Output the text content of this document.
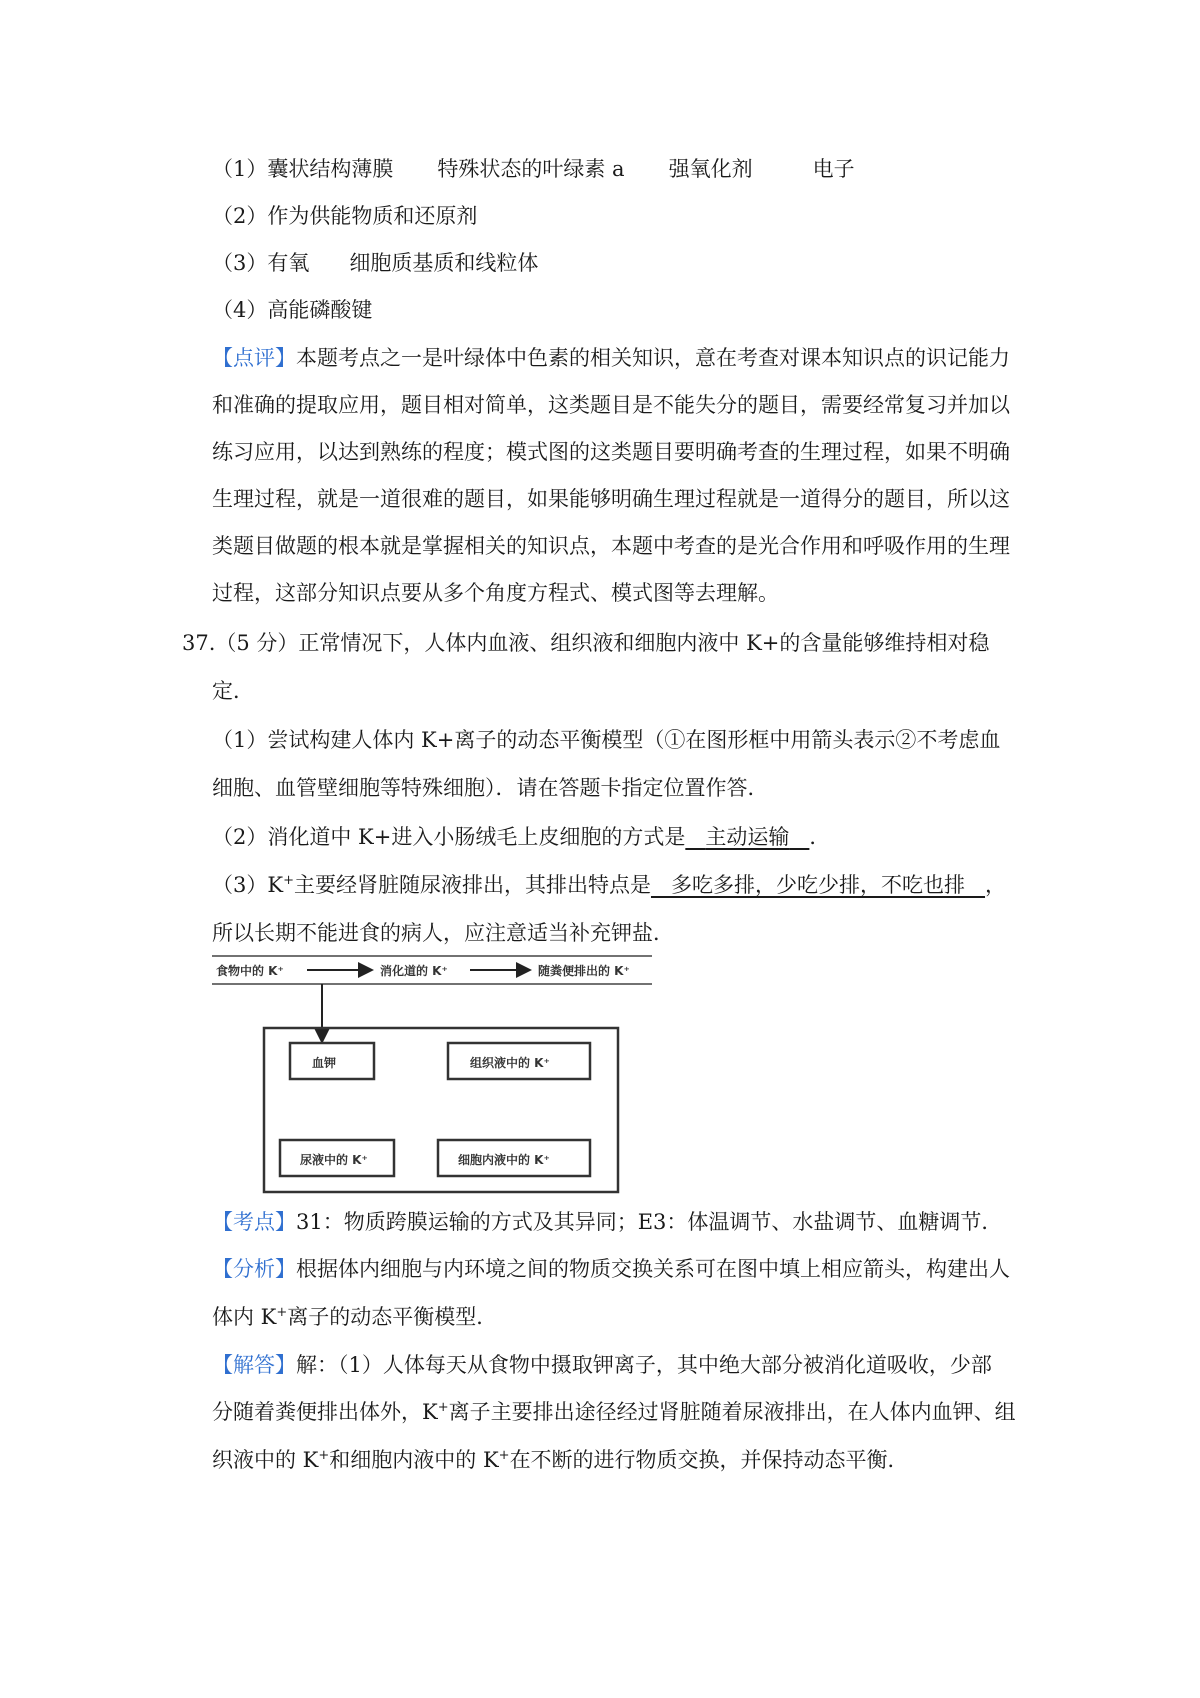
（1）囊状结构薄膜 特殊状态的叶绿素 a 强氧化剂	电子
（2）作为供能物质和还原剂
（3）有氧 细胞质基质和线粒体
（4）高能磷酸键
【点评】本题考点之一是叶绿体中色素的相关知识，意在考查对课本知识点的识记能力
和准确的提取应用，题目相对简单，这类题目是不能失分的题目，需要经常复习并加以
练习应用，以达到熟练的程度；模式图的这类题目要明确考查的生理过程，如果不明确
生理过程，就是一道很难的题目，如果能够明确生理过程就是一道得分的题目，所以这
类题目做题的根本就是掌握相关的知识点，本题中考查的是光合作用和呼吸作用的生理
过程，这部分知识点要从多个角度方程式、模式图等去理解。
37.（5 分）正常情况下，人体内血液、组织液和细胞内液中 K+的含量能够维持相对稳
定．
（1）尝试构建人体内 K+离子的动态平衡模型（①在图形框中用箭头表示②不考虑血
细胞、血管壁细胞等特殊细胞）．请在答题卡指定位置作答．
（2）消化道中 K+进入小肠绒毛上皮细胞的方式是 主动运输 ．
（3）K+主要经肾脏随尿液排出，其排出特点是 多吃多排，少吃少排，不吃也排 ，
所以长期不能进食的病人，应注意适当补充钾盐．
食物中的 K⁺	消化道的 K⁺	随粪便排出的 K⁺
血钾	组织液中的 K⁺
尿液中的 K⁺	细胞内液中的 K⁺
【考点】31：物质跨膜运输的方式及其异同；E3：体温调节、水盐调节、血糖调节．
【分析】根据体内细胞与内环境之间的物质交换关系可在图中填上相应箭头，构建出人
体内 K+离子的动态平衡模型．
【解答】解：（1）人体每天从食物中摄取钾离子，其中绝大部分被消化道吸收，少部
分随着粪便排出体外，K+离子主要排出途径经过肾脏随着尿液排出，在人体内血钾、组
织液中的 K+和细胞内液中的 K+在不断的进行物质交换，并保持动态平衡．
